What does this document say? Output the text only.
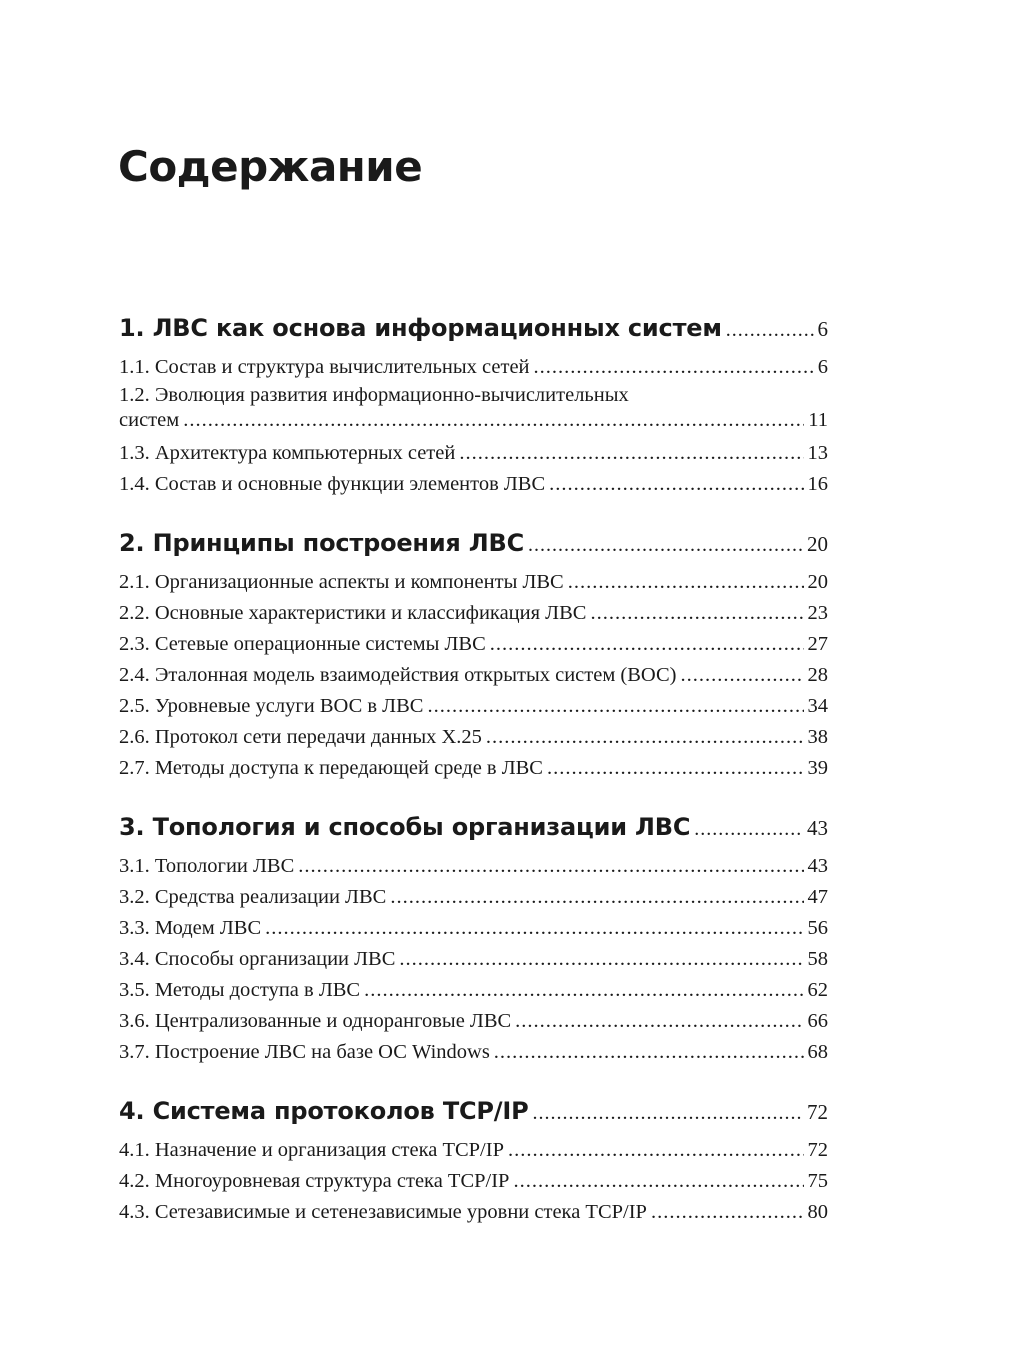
Содержание
1. ЛВС как основа информационных систем .....	6
1.1. Состав и структура вычислительных сетей .....	6
1.2. Эволюция развития информационно-вычислительных
систем .....	11
1.3. Архитектура компьютерных сетей .....	13
1.4. Состав и основные функции элементов ЛВС .....	16
2. Принципы построения ЛВС .....	20
2.1. Организационные аспекты и компоненты ЛВС .....	20
2.2. Основные характеристики и классификация ЛВС .....	23
2.3. Сетевые операционные системы ЛВС .....	27
2.4. Эталонная модель взаимодействия открытых систем (ВОС) .....	28
2.5. Уровневые услуги ВОС в ЛВС .....	34
2.6. Протокол сети передачи данных X.25 .....	38
2.7. Методы доступа к передающей среде в ЛВС .....	39
3. Топология и способы организации ЛВС .....	43
3.1. Топологии ЛВС .....	43
3.2. Средства реализации ЛВС .....	47
3.3. Модем ЛВС .....	56
3.4. Способы организации ЛВС .....	58
3.5. Методы доступа в ЛВС .....	62
3.6. Централизованные и одноранговые ЛВС .....	66
3.7. Построение ЛВС на базе ОС Windows .....	68
4. Система протоколов TCP/IP .....	72
4.1. Назначение и организация стека TCP/IP .....	72
4.2. Многоуровневая структура стека TCP/IP .....	75
4.3. Сетезависимые и сетенезависимые уровни стека TCP/IP .....	80
